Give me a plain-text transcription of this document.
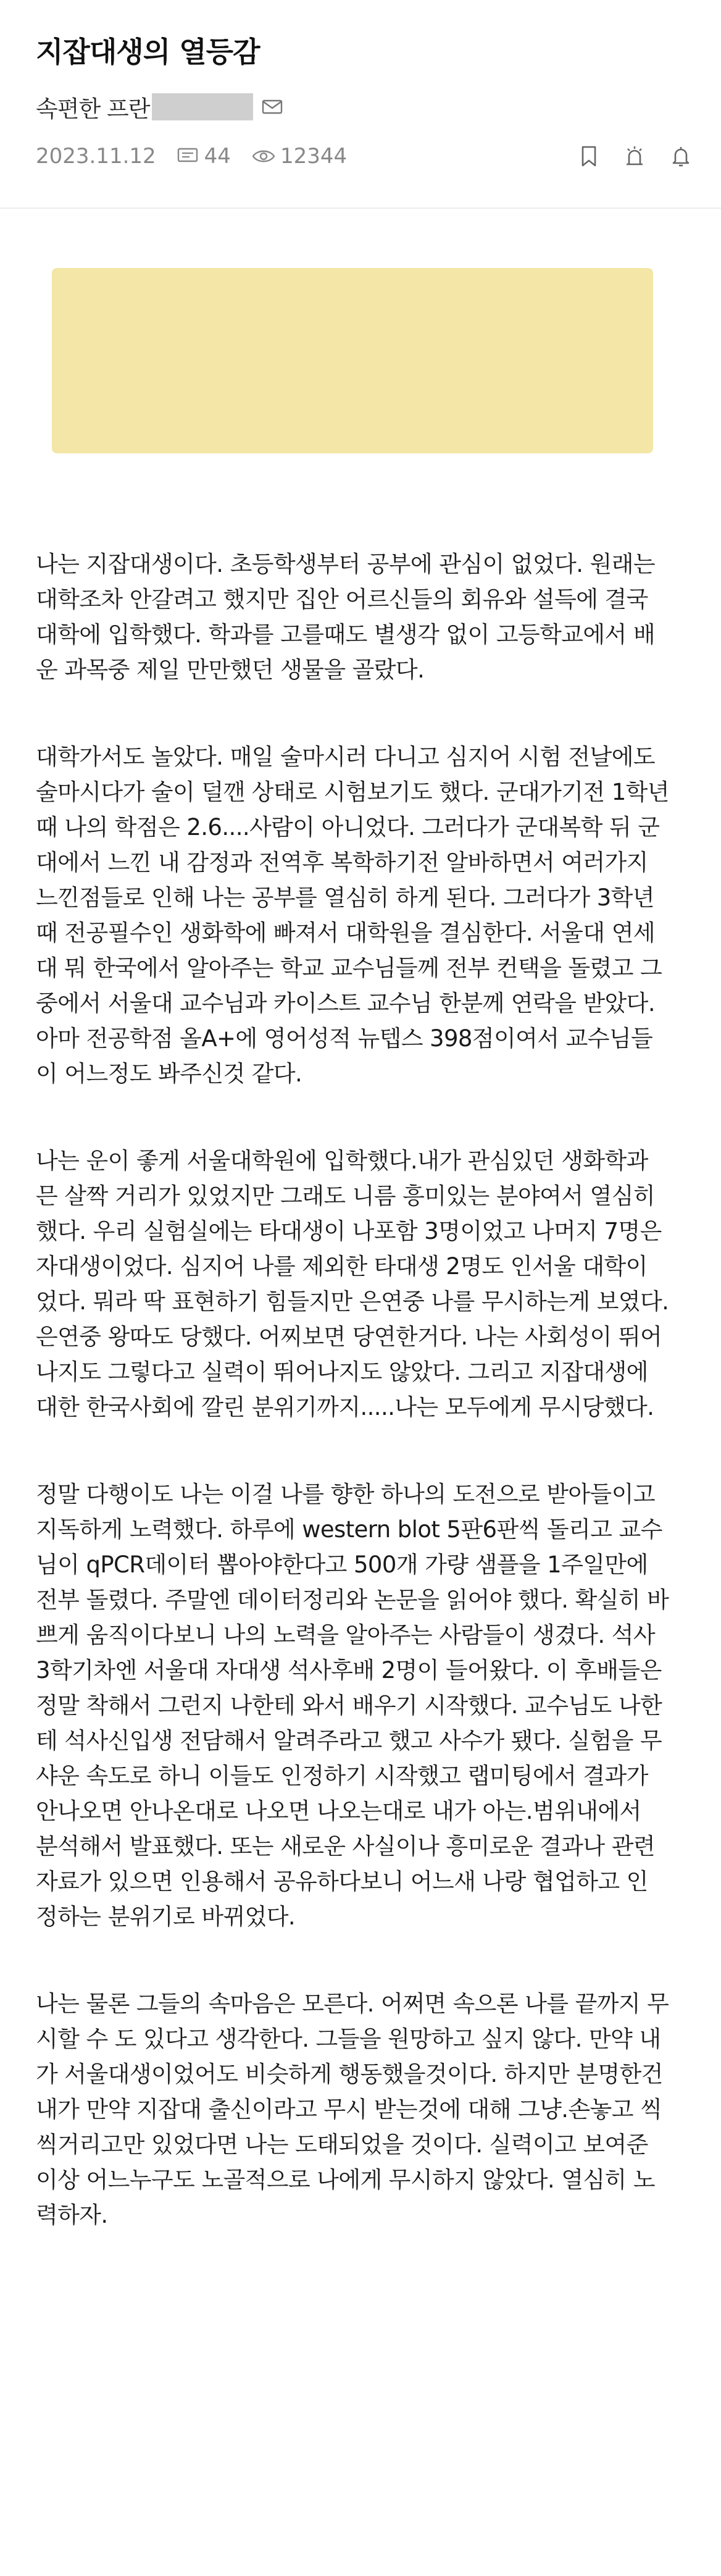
지잡대생의 열등감
속편한 프란
2023.11.12 44 12344

나는 지잡대생이다. 초등학생부터 공부에 관심이 없었다. 원래는
대학조차 안갈려고 했지만 집안 어르신들의 회유와 설득에 결국
대학에 입학했다. 학과를 고를때도 별생각 없이 고등학교에서 배
운 과목중 제일 만만했던 생물을 골랐다.

대학가서도 놀았다. 매일 술마시러 다니고 심지어 시험 전날에도
술마시다가 술이 덜깬 상태로 시험보기도 했다. 군대가기전 1학년
때 나의 학점은 2.6....사람이 아니었다. 그러다가 군대복학 뒤 군
대에서 느낀 내 감정과 전역후 복학하기전 알바하면서 여러가지
느낀점들로 인해 나는 공부를 열심히 하게 된다. 그러다가 3학년
때 전공필수인 생화학에 빠져서 대학원을 결심한다. 서울대 연세
대 뭐 한국에서 알아주는 학교 교수님들께 전부 컨택을 돌렸고 그
중에서 서울대 교수님과 카이스트 교수님 한분께 연락을 받았다.
아마 전공학점 올A+에 영어성적 뉴텝스 398점이여서 교수님들
이 어느정도 봐주신것 같다.

나는 운이 좋게 서울대학원에 입학했다.내가 관심있던 생화학과
믄 살짝 거리가 있었지만 그래도 니름 흥미있는 분야여서 열심히
했다. 우리 실험실에는 타대생이 나포함 3명이었고 나머지 7명은
자대생이었다. 심지어 나를 제외한 타대생 2명도 인서울 대학이
었다. 뭐라 딱 표현하기 힘들지만 은연중 나를 무시하는게 보였다.
은연중 왕따도 당했다. 어찌보면 당연한거다. 나는 사회성이 뛰어
나지도 그렇다고 실력이 뛰어나지도 않았다. 그리고 지잡대생에
대한 한국사회에 깔린 분위기까지.....나는 모두에게 무시당했다.

정말 다행이도 나는 이걸 나를 향한 하나의 도전으로 받아들이고
지독하게 노력했다. 하루에 western blot 5판6판씩 돌리고 교수
님이 qPCR데이터 뽑아야한다고 500개 가량 샘플을 1주일만에
전부 돌렸다. 주말엔 데이터정리와 논문을 읽어야 했다. 확실히 바
쁘게 움직이다보니 나의 노력을 알아주는 사람들이 생겼다. 석사
3학기차엔 서울대 자대생 석사후배 2명이 들어왔다. 이 후배들은
정말 착해서 그런지 나한테 와서 배우기 시작했다. 교수님도 나한
테 석사신입생 전담해서 알려주라고 했고 사수가 됐다. 실험을 무
샤운 속도로 하니 이들도 인정하기 시작했고 랩미팅에서 결과가
안나오면 안나온대로 나오면 나오는대로 내가 아는.범위내에서
분석해서 발표했다. 또는 새로운 사실이나 흥미로운 결과나 관련
자료가 있으면 인용해서 공유하다보니 어느새 나랑 협업하고 인
정하는 분위기로 바뀌었다.

나는 물론 그들의 속마음은 모른다. 어쩌면 속으론 나를 끝까지 무
시할 수 도 있다고 생각한다. 그들을 원망하고 싶지 않다. 만약 내
가 서울대생이었어도 비슷하게 행동했을것이다. 하지만 분명한건
내가 만약 지잡대 출신이라고 무시 받는것에 대해 그냥.손놓고 씩
씩거리고만 있었다면 나는 도태되었을 것이다. 실력이고 보여준
이상 어느누구도 노골적으로 나에게 무시하지 않았다. 열심히 노
력하자.
